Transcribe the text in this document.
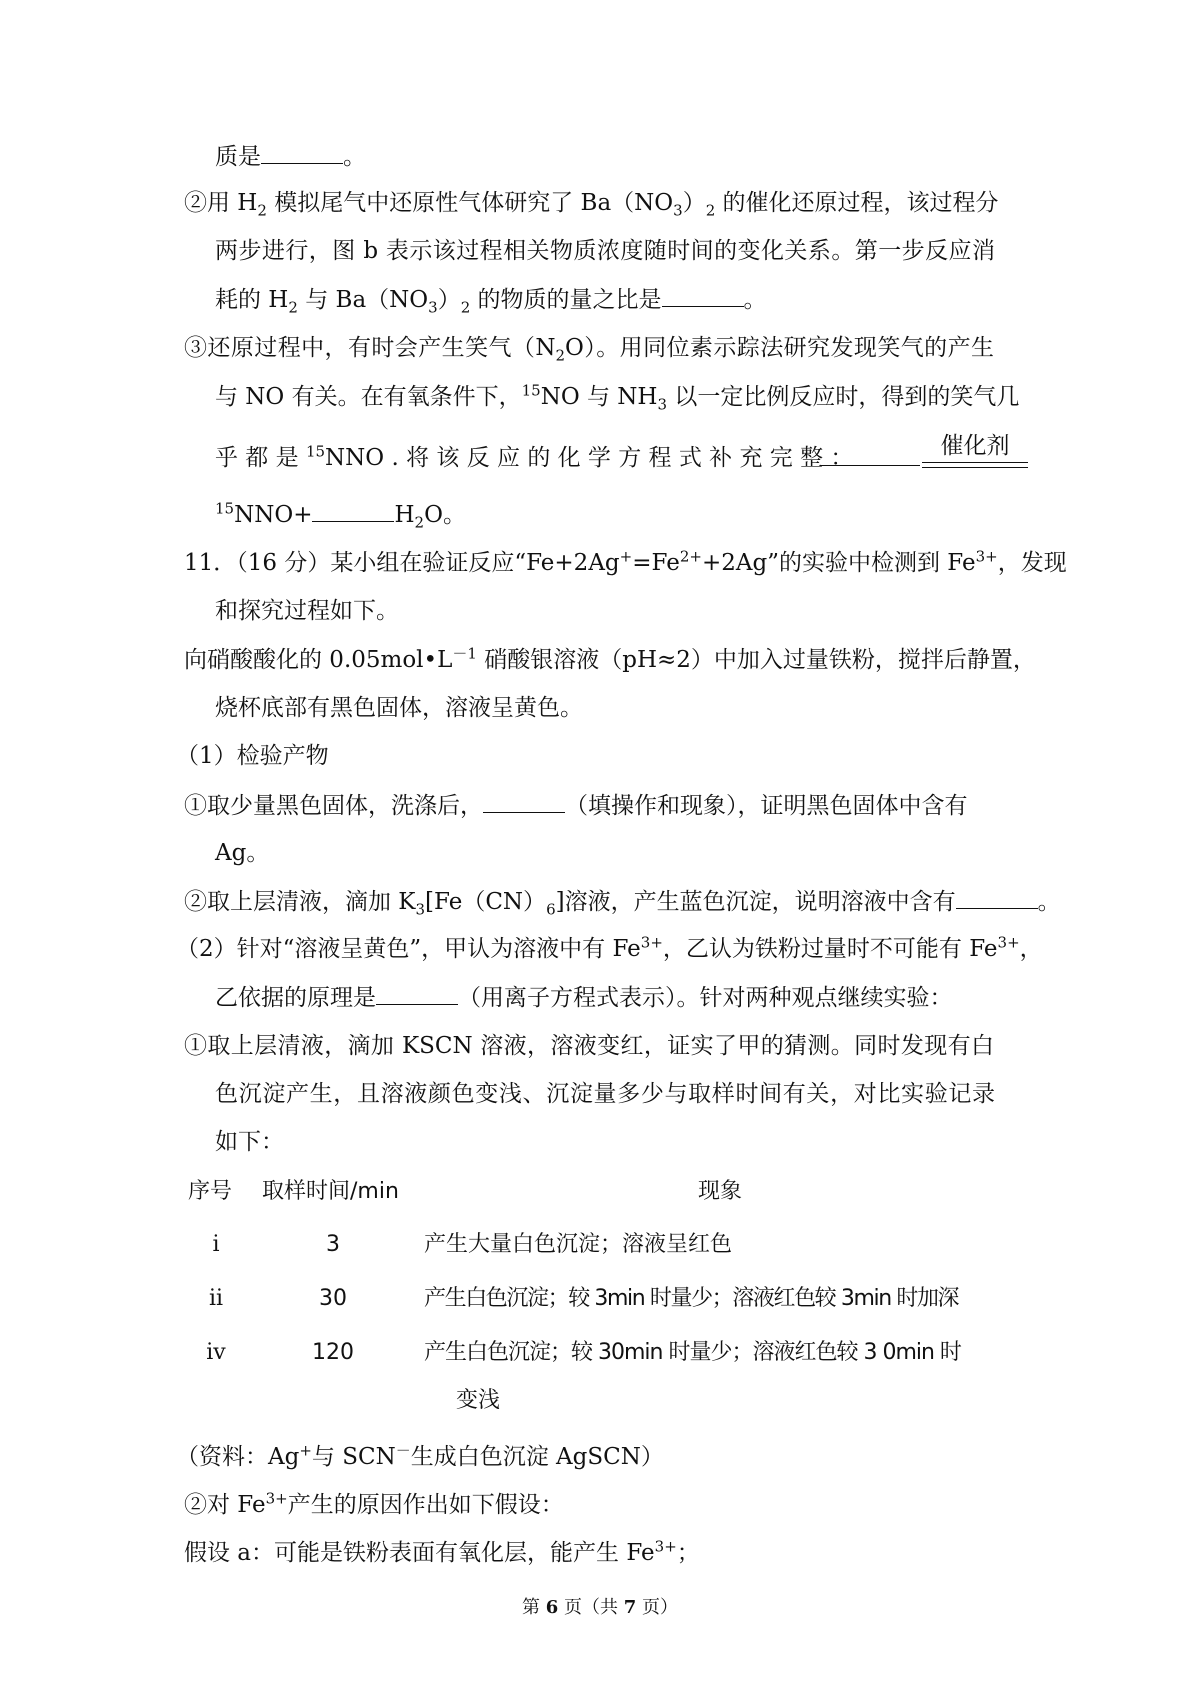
质是	。
②用 $H_2$ 模拟尾气中还原性气体研究了 $Ba(NO_3)_2$ 的催化还原过程，该过程分
两步进行，图 b 表示该过程相关物质浓度随时间的变化关系。第一步反应消
耗的 $H_2$ 与 $Ba(NO_3)_2$ 的物质的量之比是	。
③还原过程中，有时会产生笑气$(N_2O)$。用同位素示踪法研究发现笑气的产生
与 NO 有关。在有氧条件下，$^{15}$NO 与 $NH_3$ 以一定比例反应时，得到的笑气几
乎 都 是 $^{15}$NNO . 将 该 反 应 的 化 学 方 程 式 补 充 完 整 ：	催化剂
$^{15}$NNO+	$H_2O$。
11．（16 分）某小组在验证反应“$Fe+2Ag^+=Fe^{2+}+2Ag$”的实验中检测到 $Fe^{3+}$，发现
和探究过程如下。
向硝酸酸化的 $0.05mol•L^{-1}$ 硝酸银溶液（pH≈2）中加入过量铁粉，搅拌后静置，
烧杯底部有黑色固体，溶液呈黄色。
（1）检验产物
①取少量黑色固体，洗涤后，	（填操作和现象），证明黑色固体中含有
Ag。
②取上层清液，滴加 $K_3[Fe(CN)_6]$溶液，产生蓝色沉淀，说明溶液中含有	。
（2）针对“溶液呈黄色”，甲认为溶液中有 $Fe^{3+}$，乙认为铁粉过量时不可能有 $Fe^{3+}$，
乙依据的原理是	（用离子方程式表示）。针对两种观点继续实验：
①取上层清液，滴加 KSCN 溶液，溶液变红，证实了甲的猜测。同时发现有白
色沉淀产生，且溶液颜色变浅、沉淀量多少与取样时间有关，对比实验记录
如下：
序号 取样时间/min	现象
i	3	产生大量白色沉淀；溶液呈红色
ii	30	产生白色沉淀；较 3min 时量少；溶液红色较 3min 时加深
iv	120	产生白色沉淀；较 30min 时量少；溶液红色较 3 0min 时
变浅
（资料：Ag+与 SCN－生成白色沉淀 AgSCN）
②对 $Fe^{3+}$产生的原因作出如下假设：
假设 a：可能是铁粉表面有氧化层，能产生 $Fe^{3+}$；
第 6 页（共 7 页）
